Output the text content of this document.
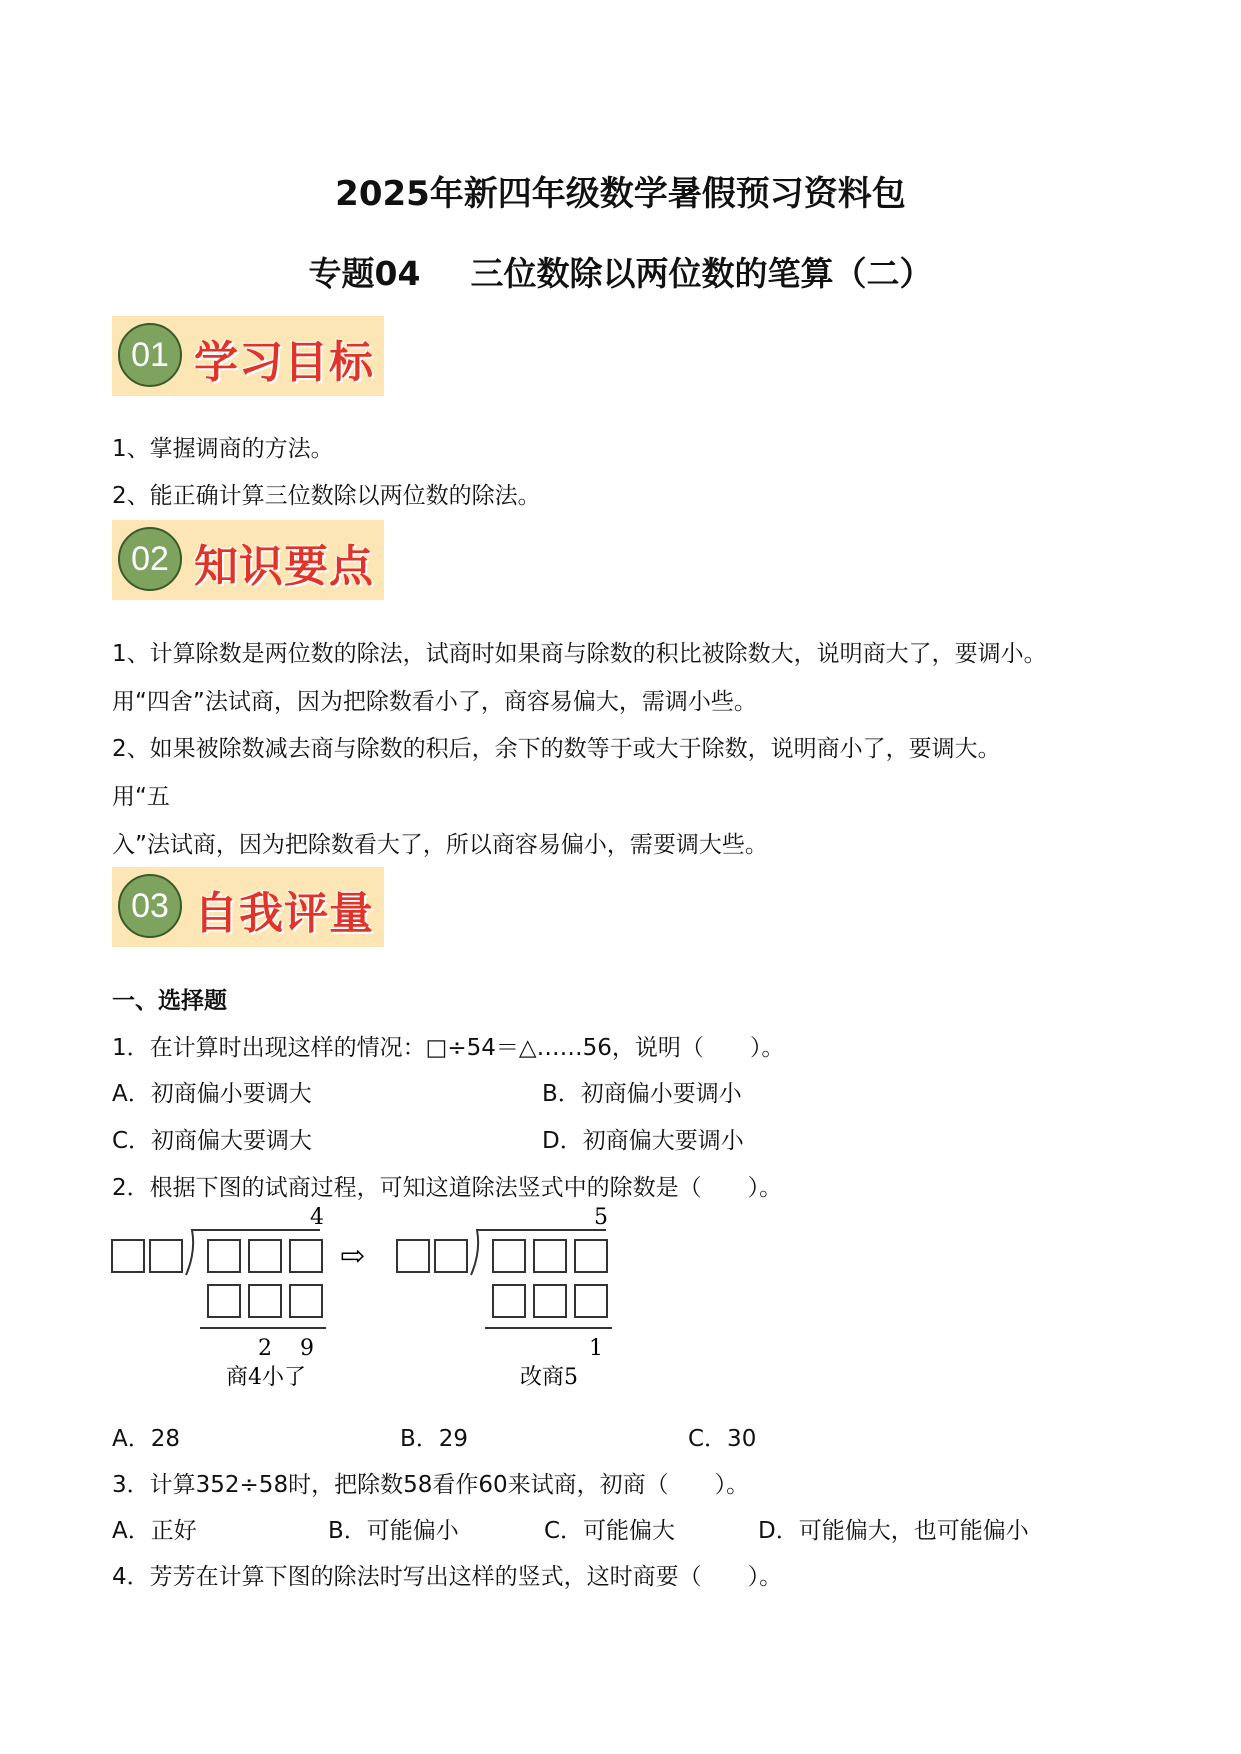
2025年新四年级数学暑假预习资料包
专题04 三位数除以两位数的笔算（二）
01 学习目标
1、掌握调商的方法。
2、能正确计算三位数除以两位数的除法。
02 知识要点
1、计算除数是两位数的除法，试商时如果商与除数的积比被除数大，说明商大了，要调小。
用“四舍”法试商，因为把除数看小了，商容易偏大，需调小些。
2、如果被除数减去商与除数的积后，余下的数等于或大于除数，说明商小了，要调大。
用“五
入”法试商，因为把除数看大了，所以商容易偏小，需要调大些。
03 自我评量
一、选择题
1．在计算时出现这样的情况：□÷54＝△……56，说明（　　）。
A．初商偏小要调大	B．初商偏小要调小
C．初商偏大要调大	D．初商偏大要调小
2．根据下图的试商过程，可知这道除法竖式中的除数是（　　）。
4
2 9
商4小了
⇨
5
1
改商5
A．28	B．29	C．30
3．计算352÷58时，把除数58看作60来试商，初商（　　）。
A．正好	B．可能偏小	C．可能偏大	D．可能偏大，也可能偏小
4．芳芳在计算下图的除法时写出这样的竖式，这时商要（　　）。
